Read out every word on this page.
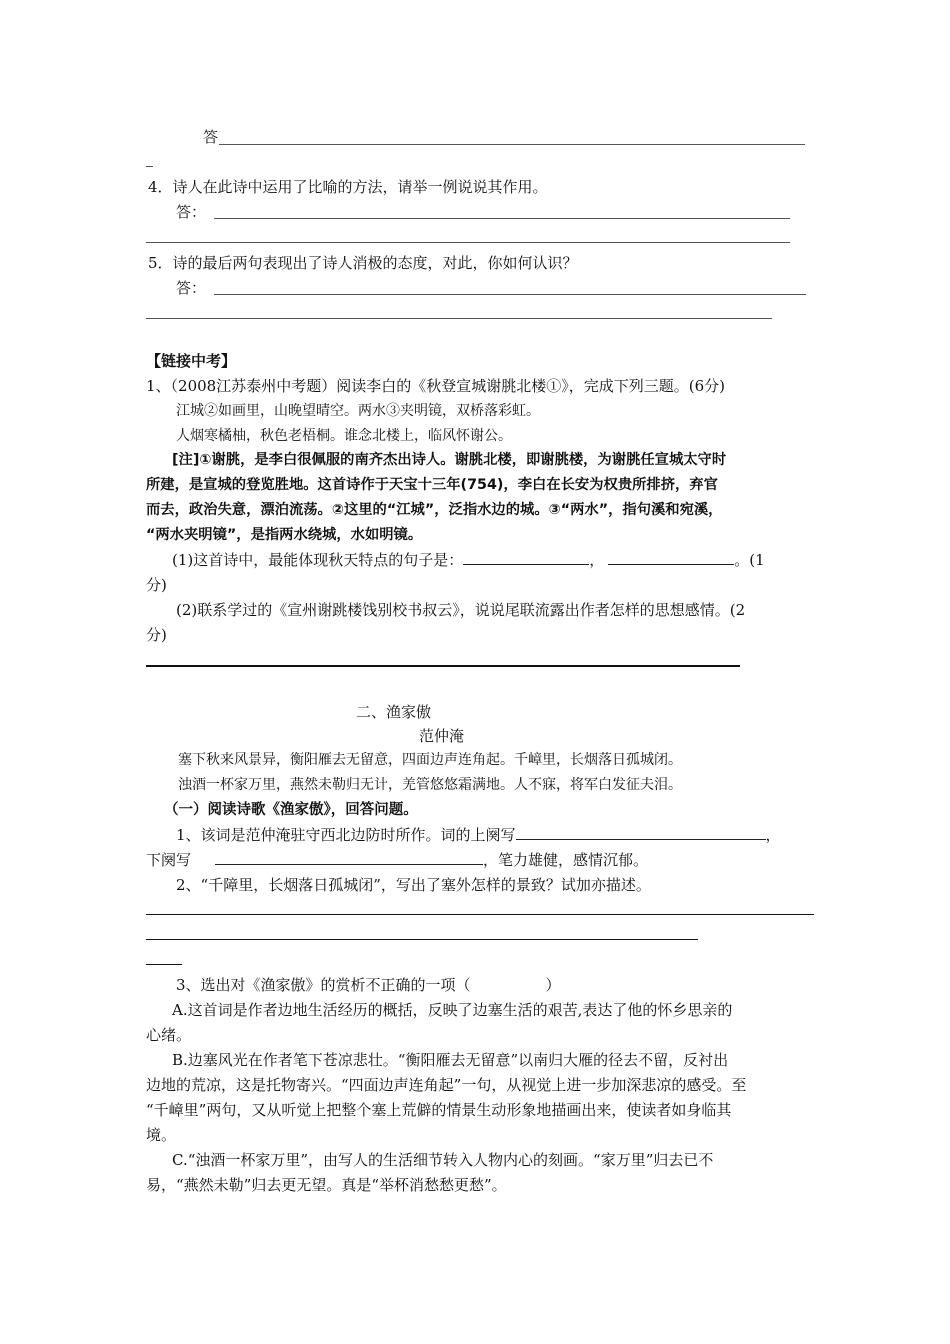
答
4．诗人在此诗中运用了比喻的方法，请举一例说说其作用。
答：
5．诗的最后两句表现出了诗人消极的态度，对此，你如何认识？
答：
【链接中考】
1、（2008江苏泰州中考题）阅读李白的《秋登宣城谢朓北楼①》，完成下列三题。(6分)
江城②如画里，山晚望晴空。两水③夹明镜，双桥落彩虹。
人烟寒橘柚，秋色老梧桐。谁念北楼上，临风怀谢公。
[注]①谢朓，是李白很佩服的南齐杰出诗人。谢朓北楼，即谢朓楼，为谢朓任宣城太守时
所建，是宣城的登览胜地。这首诗作于天宝十三年(754)，李白在长安为权贵所排挤，弃官
而去，政治失意，漂泊流荡。②这里的“江城”，泛指水边的城。③“两水”，指句溪和宛溪，
“两水夹明镜”，是指两水绕城，水如明镜。
(1)这首诗中，最能体现秋天特点的句子是：	，	。(1
分)
(2)联系学过的《宣州谢跳楼饯别校书叔云》，说说尾联流露出作者怎样的思想感情。(2
分)
二、渔家傲
范仲淹
塞下秋来风景异，衡阳雁去无留意，四面边声连角起。千嶂里，长烟落日孤城闭。
浊酒一杯家万里，燕然未勒归无计，羌管悠悠霜满地。人不寐，将军白发征夫泪。
（一）阅读诗歌《渔家傲》，回答问题。
1、该词是范仲淹驻守西北边防时所作。词的上阕写	，
下阕写	，笔力雄健，感情沉郁。
2、“千障里，长烟落日孤城闭”，写出了塞外怎样的景致？试加亦描述。
3、选出对《渔家傲》的赏析不正确的一项（　　　　　）
A.这首词是作者边地生活经历的概括，反映了边塞生活的艰苦,表达了他的怀乡思亲的
心绪。
B.边塞风光在作者笔下苍凉悲壮。“衡阳雁去无留意”以南归大雁的径去不留，反衬出
边地的荒凉，这是托物寄兴。“四面边声连角起”一句，从视觉上进一步加深悲凉的感受。至
“千嶂里”两句，又从听觉上把整个塞上荒僻的情景生动形象地描画出来，使读者如身临其
境。
C.“浊酒一杯家万里”，由写人的生活细节转入人物内心的刻画。“家万里”归去已不
易，“燕然未勒”归去更无望。真是“举杯消愁愁更愁”。
